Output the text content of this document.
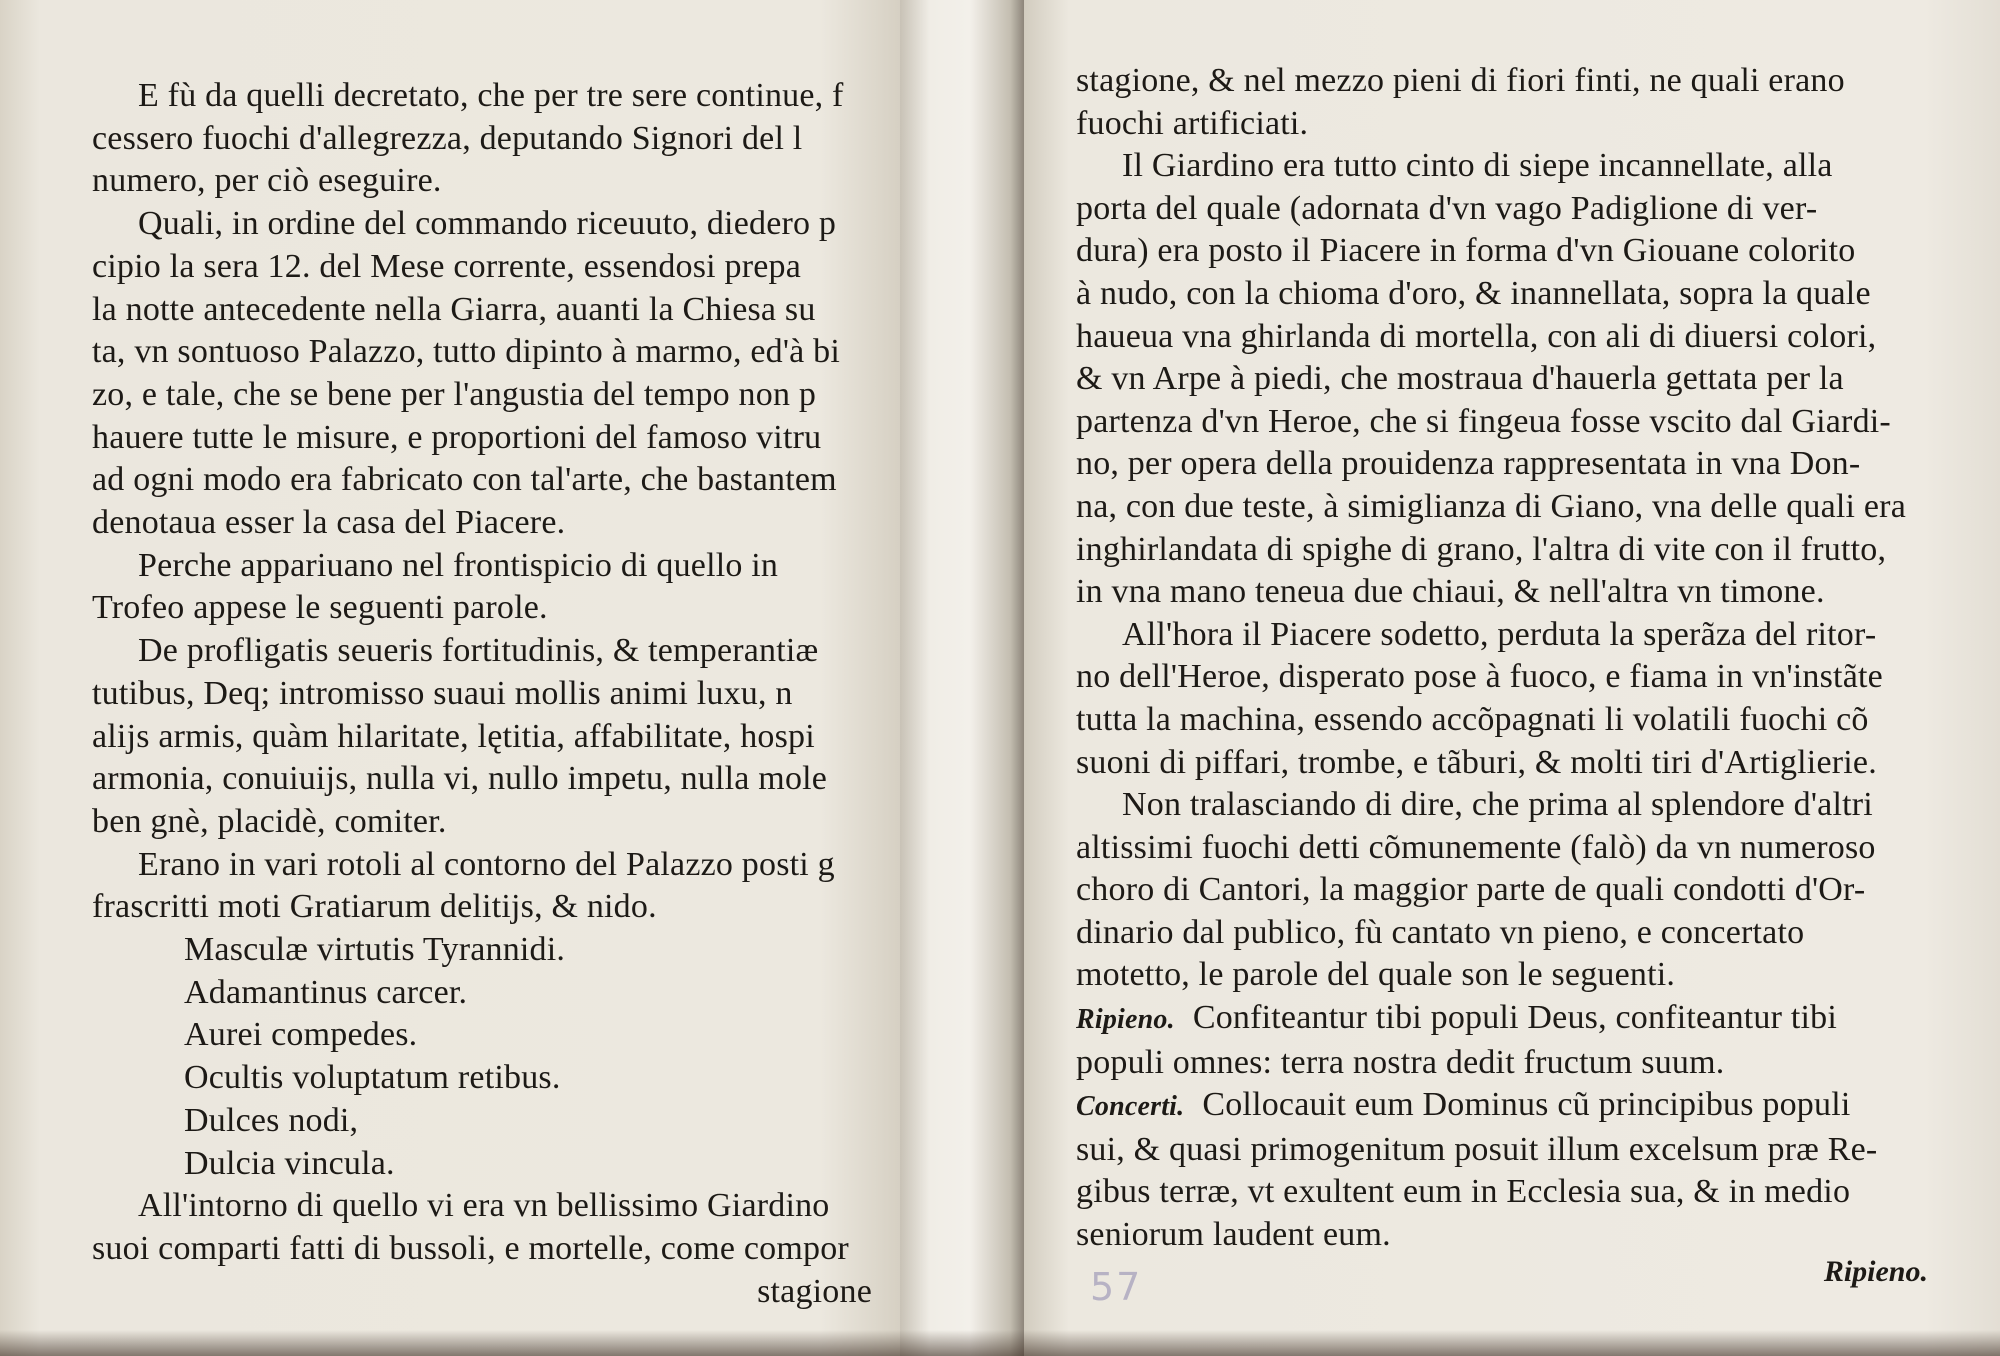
E fù da quelli decretato, che per tre sere continue, f
cessero fuochi d'allegrezza, deputando Signori del l
numero, per ciò eseguire.
Quali, in ordine del commando riceuuto, diedero p
cipio la sera 12. del Mese corrente, essendosi prepa
la notte antecedente nella Giarra, auanti la Chiesa su
ta, vn sontuoso Palazzo, tutto dipinto à marmo, ed'à bi
zo, e tale, che se bene per l'angustia del tempo non p
hauere tutte le misure, e proportioni del famoso vitru
ad ogni modo era fabricato con tal'arte, che bastantem
denotaua esser la casa del Piacere.
Perche appariuano nel frontispicio di quello in
Trofeo appese le seguenti parole.
De profligatis seueris fortitudinis, & temperantiæ
tutibus, Deq; intromisso suaui mollis animi luxu, n
alijs armis, quàm hilaritate, lętitia, affabilitate, hospi
armonia, conuiuijs, nulla vi, nullo impetu, nulla mole
ben gnè, placidè, comiter.
Erano in vari rotoli al contorno del Palazzo posti g
frascritti moti Gratiarum delitijs, & nido.
Masculæ virtutis Tyrannidi.
Adamantinus carcer.
Aurei compedes.
Ocultis voluptatum retibus.
Dulces nodi,
Dulcia vincula.
All'intorno di quello vi era vn bellissimo Giardino
suoi comparti fatti di bussoli, e mortelle, come compor
stagione
stagione, & nel mezzo pieni di fiori finti, ne quali erano
fuochi artificiati.
Il Giardino era tutto cinto di siepe incannellate, alla
porta del quale (adornata d'vn vago Padiglione di ver-
dura) era posto il Piacere in forma d'vn Giouane colorito
à nudo, con la chioma d'oro, & inannellata, sopra la quale
haueua vna ghirlanda di mortella, con ali di diuersi colori,
& vn Arpe à piedi, che mostraua d'hauerla gettata per la
partenza d'vn Heroe, che si fingeua fosse vscito dal Giardi-
no, per opera della prouidenza rappresentata in vna Don-
na, con due teste, à simiglianza di Giano, vna delle quali era
inghirlandata di spighe di grano, l'altra di vite con il frutto,
in vna mano teneua due chiaui, & nell'altra vn timone.
All'hora il Piacere sodetto, perduta la sperãza del ritor-
no dell'Heroe, disperato pose à fuoco, e fiama in vn'instãte
tutta la machina, essendo accõpagnati li volatili fuochi cõ
suoni di piffari, trombe, e tãburi, & molti tiri d'Artiglierie.
Non tralasciando di dire, che prima al splendore d'altri
altissimi fuochi detti cõmunemente (falò) da vn numeroso
choro di Cantori, la maggior parte de quali condotti d'Or-
dinario dal publico, fù cantato vn pieno, e concertato
motetto, le parole del quale son le seguenti.
Ripieno. Confiteantur tibi populi Deus, confiteantur tibi
populi omnes: terra nostra dedit fructum suum.
Concerti. Collocauit eum Dominus cũ principibus populi
sui, & quasi primogenitum posuit illum excelsum præ Re-
gibus terræ, vt exultent eum in Ecclesia sua, & in medio
seniorum laudent eum.
57	Ripieno.
